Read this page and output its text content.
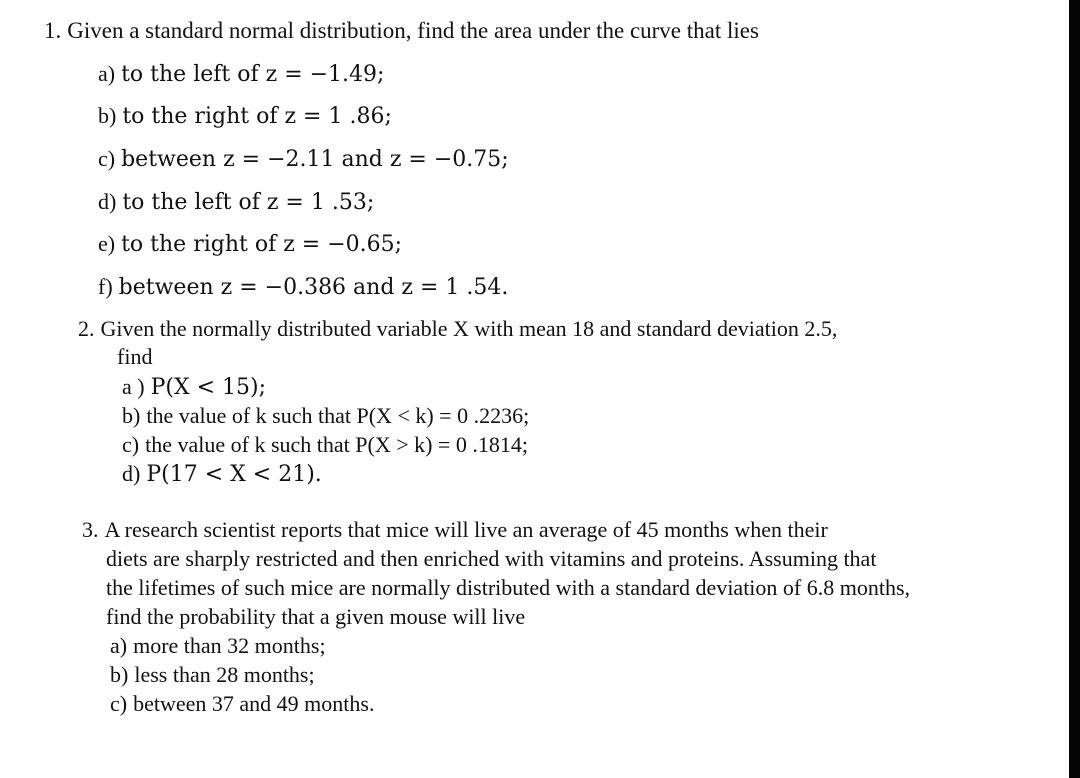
1. Given a standard normal distribution, find the area under the curve that lies
a) to the left of z = −1.49;
b) to the right of z = 1 .86;
c) between z = −2.11 and z = −0.75;
d) to the left of z = 1 .53;
e) to the right of z = −0.65;
f) between z = −0.386 and z = 1 .54.
2. Given the normally distributed variable X with mean 18 and standard deviation 2.5,
find
a ) P(X < 15);
b) the value of k such that P(X < k) = 0 .2236;
c) the value of k such that P(X > k) = 0 .1814;
d) P(17 < X < 21).
3. A research scientist reports that mice will live an average of 45 months when their
diets are sharply restricted and then enriched with vitamins and proteins. Assuming that
the lifetimes of such mice are normally distributed with a standard deviation of 6.8 months,
find the probability that a given mouse will live
a) more than 32 months;
b) less than 28 months;
c) between 37 and 49 months.
